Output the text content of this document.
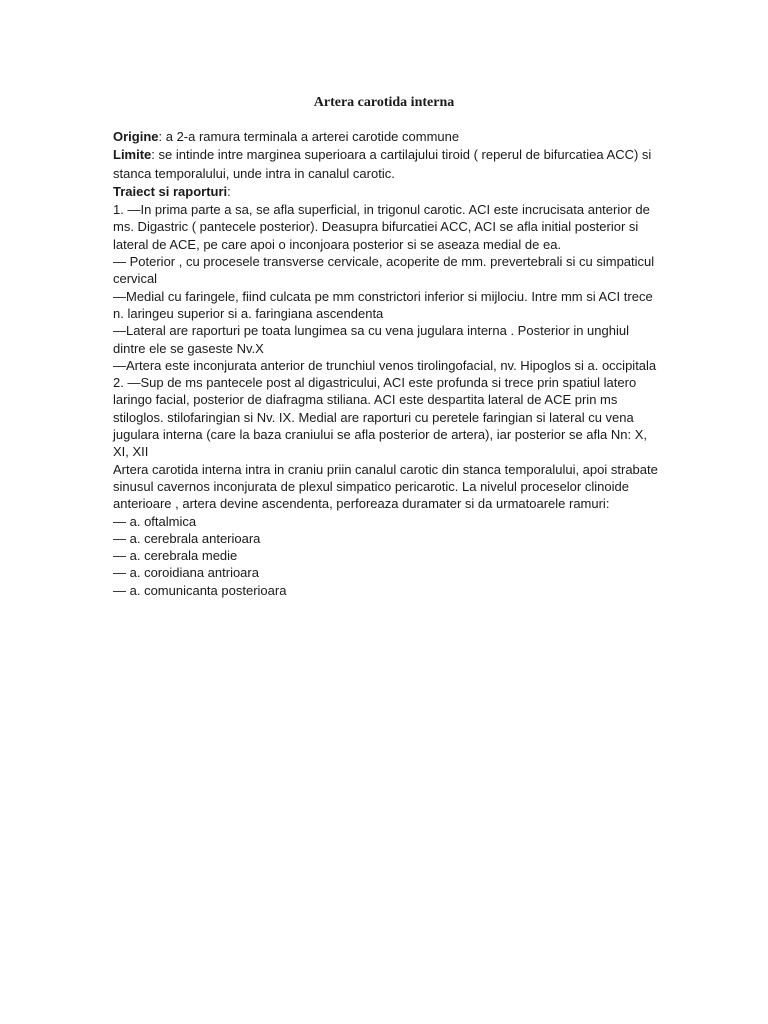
Artera carotida interna

Origine: a 2-a ramura terminala a arterei carotide commune

Limite: se intinde intre marginea superioara a cartilajului tiroid ( reperul de bifurcatiea ACC) si stanca temporalului, unde intra in canalul carotic.

Traiect si raporturi:

1. —In prima parte a sa, se afla superficial, in trigonul carotic. ACI este incrucisata anterior de ms. Digastric ( pantecele posterior). Deasupra bifurcatiei ACC, ACI se afla initial posterior si lateral de ACE, pe care apoi o inconjoara posterior si se aseaza medial de ea.

— Poterior , cu procesele transverse cervicale, acoperite de mm. prevertebrali si cu simpaticul cervical

—Medial cu faringele, fiind culcata pe mm constrictori inferior si mijlociu. Intre mm si ACI trece n. laringeu superior si a. faringiana ascendenta

—Lateral are raporturi pe toata lungimea sa cu vena jugulara interna . Posterior in unghiul dintre ele se gaseste Nv.X

—Artera este inconjurata anterior de trunchiul venos tirolingofacial, nv. Hipoglos si a. occipitala

2. —Sup de ms pantecele post al digastricului, ACI este profunda si trece prin spatiul latero laringo facial, posterior de diafragma stiliana. ACI este despartita lateral de ACE prin ms stiloglos. stilofaringian si Nv. IX. Medial are raporturi cu peretele faringian si lateral cu vena jugulara interna (care la baza craniului se afla posterior de artera), iar posterior se afla Nn: X, XI, XII

Artera carotida interna intra in craniu priin canalul carotic din stanca temporalului, apoi strabate sinusul cavernos inconjurata de plexul simpatico pericarotic. La nivelul proceselor clinoide anterioare , artera devine ascendenta, perforeaza duramater si da urmatoarele ramuri:

— a. oftalmica

— a. cerebrala anterioara

— a. cerebrala medie

— a. coroidiana antrioara

— a. comunicanta posterioara
